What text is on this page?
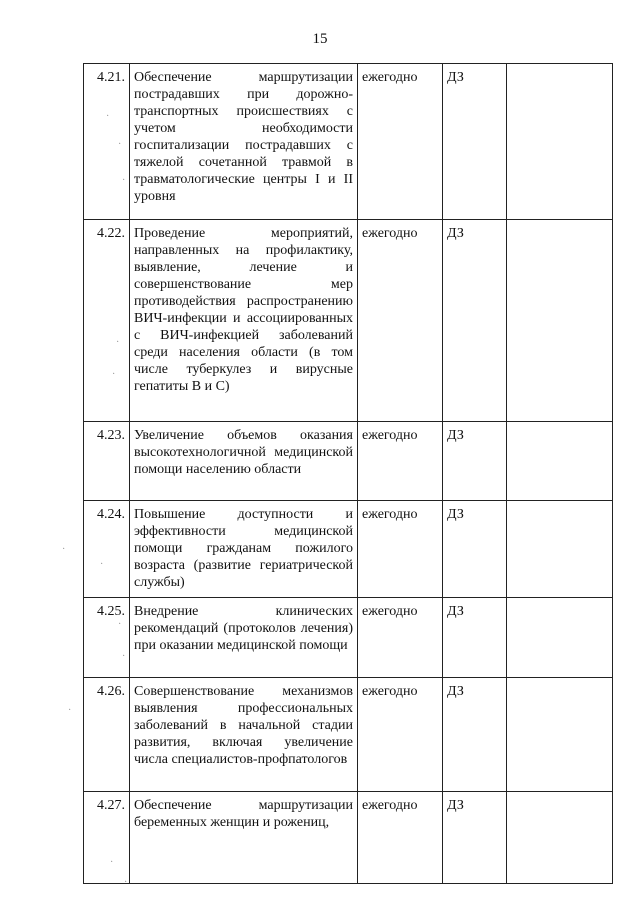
15
4.21.	Обеспечение маршрутизации пострадавших при дорожно-транспортных происшествиях с учетом необходимости госпитализации пострадавших с тяжелой сочетанной травмой в травматологические центры I и II уровня	ежегодно	ДЗ	
4.22.	Проведение мероприятий, направленных на профилактику, выявление, лечение и совершенствование мер противодействия распространению ВИЧ-инфекции и ассоциированных с ВИЧ-инфекцией заболеваний среди населения области (в том числе туберкулез и вирусные гепатиты В и С)	ежегодно	ДЗ	
4.23.	Увеличение объемов оказания высокотехнологичной медицинской помощи населению области	ежегодно	ДЗ	
4.24.	Повышение доступности и эффективности медицинской помощи гражданам пожилого возраста (развитие гериатрической службы)	ежегодно	ДЗ	
4.25.	Внедрение клинических рекомендаций (протоколов лечения) при оказании медицинской помощи	ежегодно	ДЗ	
4.26.	Совершенствование механизмов выявления профессиональных заболеваний в начальной стадии развития, включая увеличение числа специалистов-профпатологов	ежегодно	ДЗ	
4.27.	Обеспечение маршрутизации беременных женщин и рожениц,	ежегодно	ДЗ	
·
·
·
·
·
·
·
·
·
·
·
·
